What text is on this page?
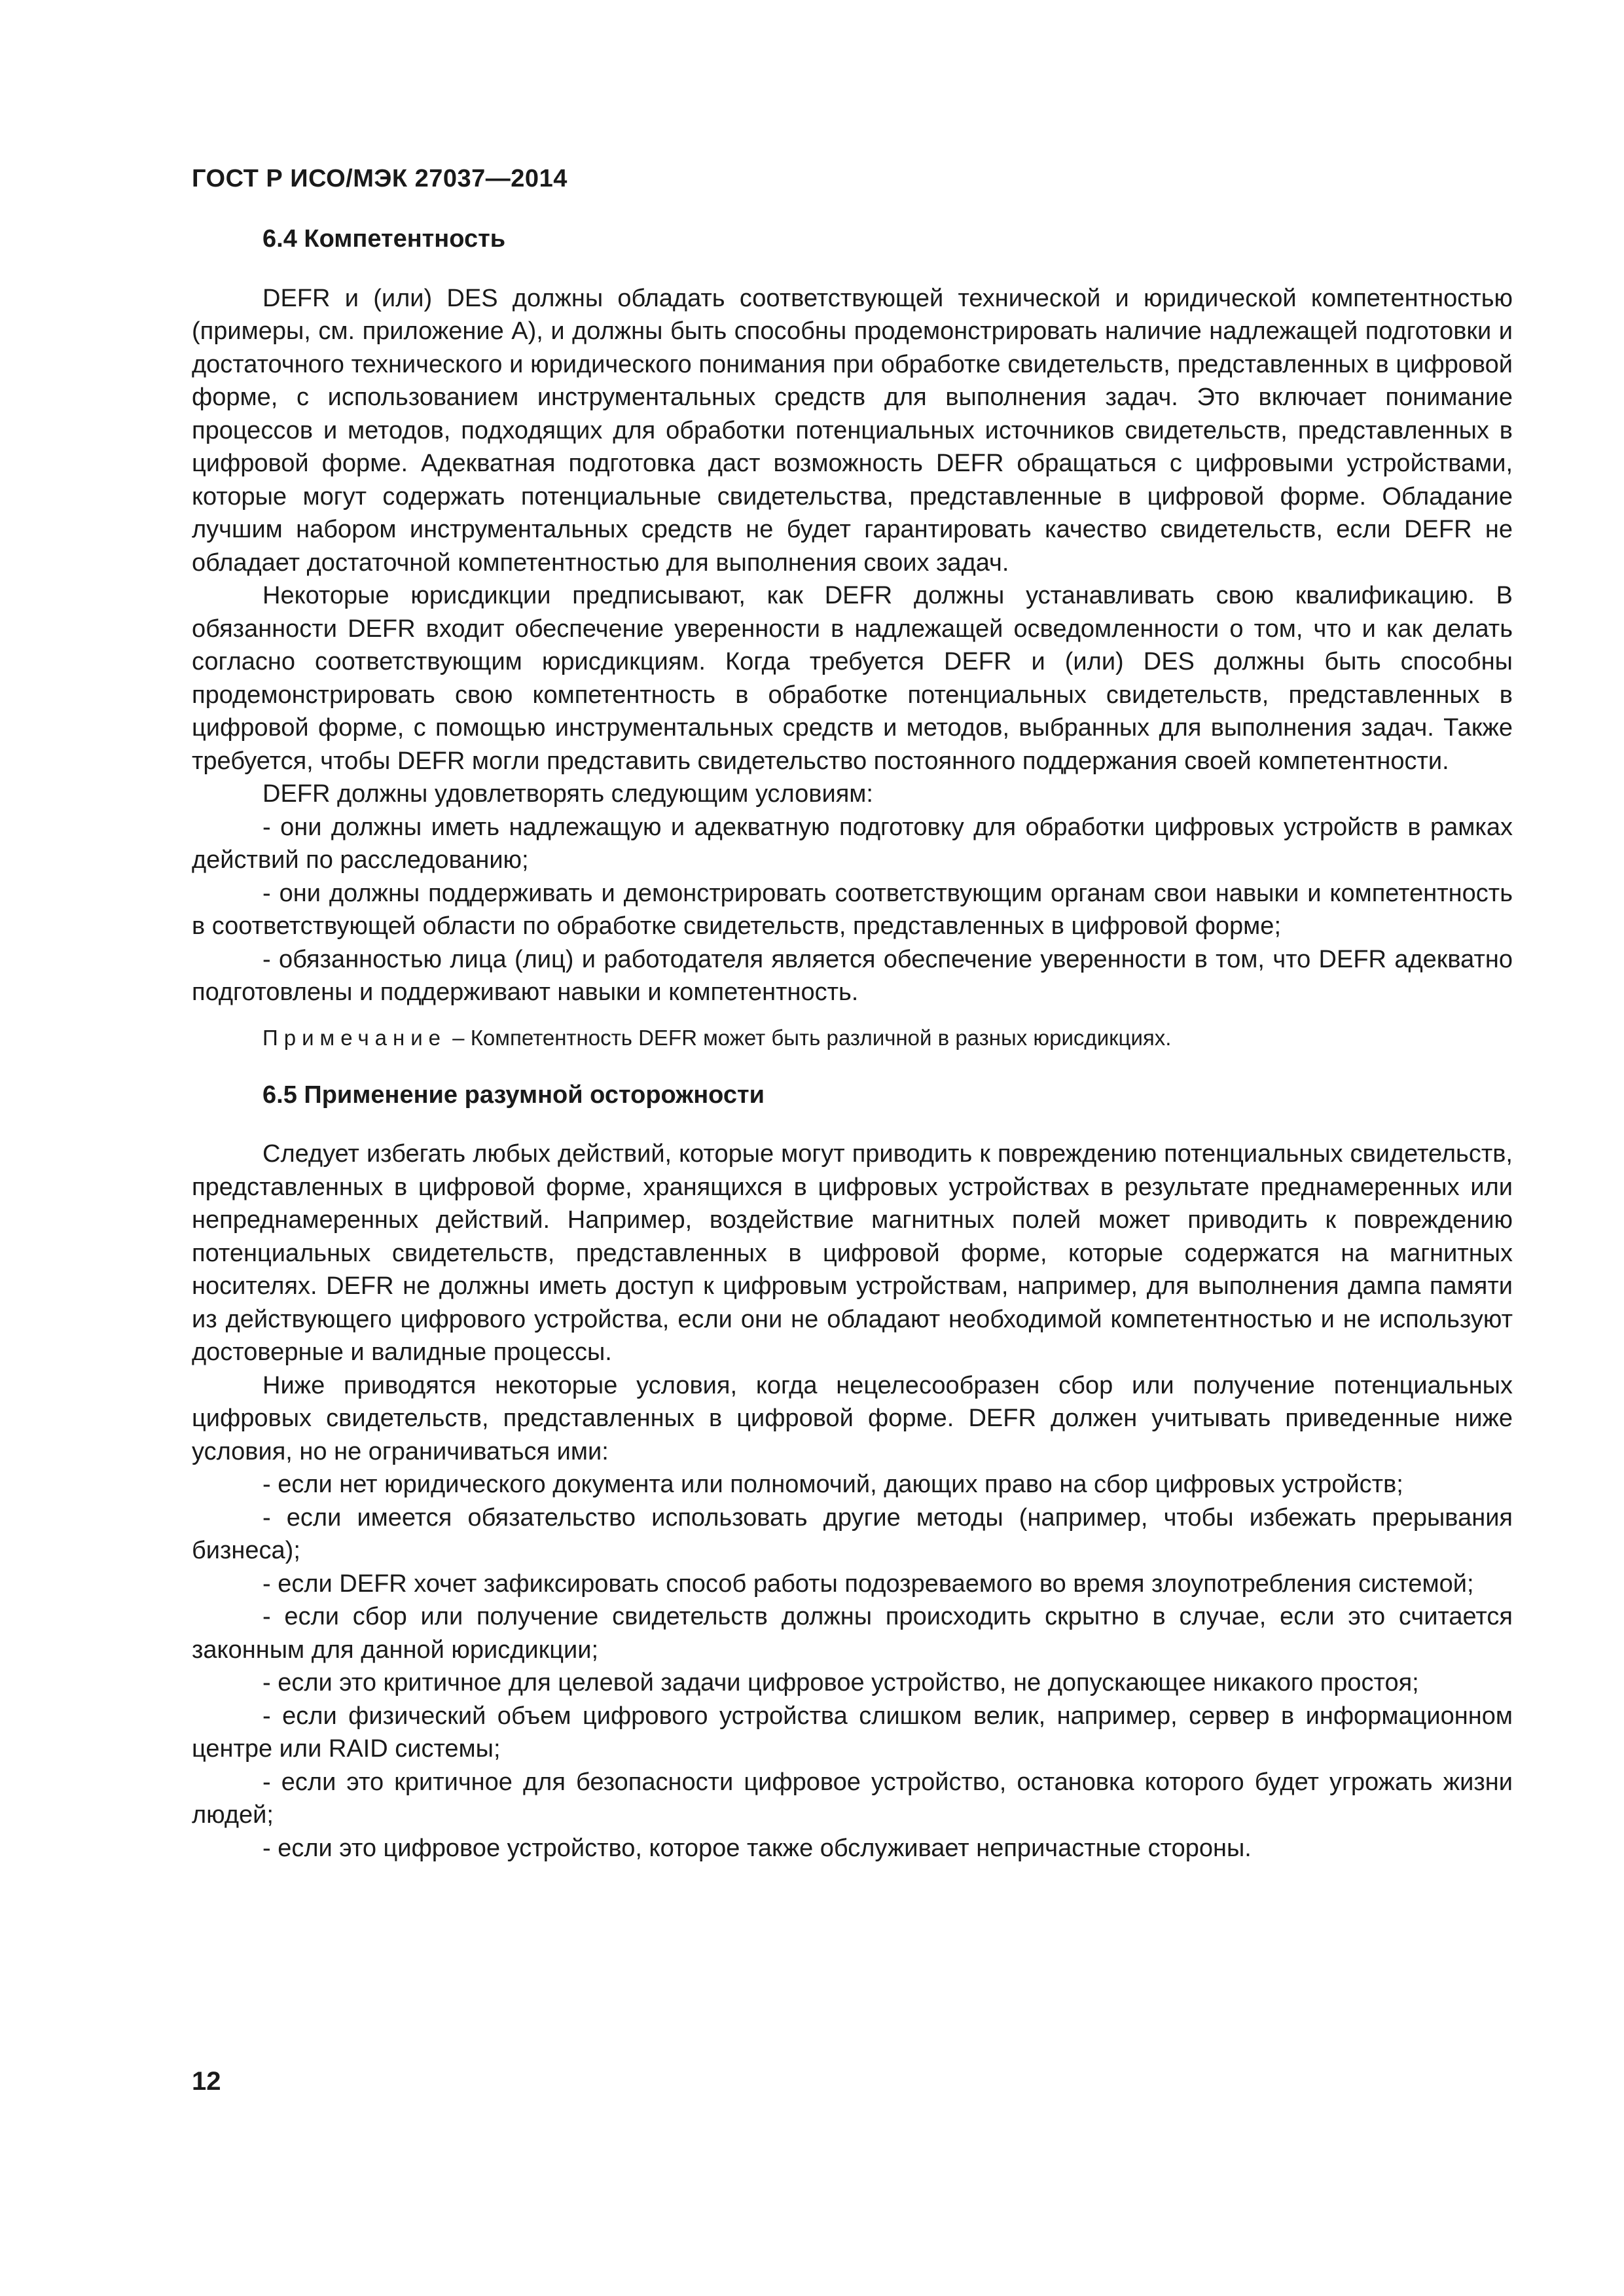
ГОСТ Р ИСО/МЭК 27037—2014
6.4 Компетентность

DEFR и (или) DES должны обладать соответствующей технической и юридической компетентностью (примеры, см. приложение А), и должны быть способны продемонстрировать наличие надлежащей подготовки и достаточного технического и юридического понимания при обработке свидетельств, представленных в цифровой форме, с использованием инструментальных средств для выполнения задач. Это включает понимание процессов и методов, подходящих для обработки потенциальных источников свидетельств, представленных в цифровой форме. Адекватная подготовка даст возможность DEFR обращаться с цифровыми устройствами, которые могут содержать потенциальные свидетельства, представленные в цифровой форме. Обладание лучшим набором инструментальных средств не будет гарантировать качество свидетельств, если DEFR не обладает достаточной компетентностью для выполнения своих задач.

Некоторые юрисдикции предписывают, как DEFR должны устанавливать свою квалификацию. В обязанности DEFR входит обеспечение уверенности в надлежащей осведомленности о том, что и как делать согласно соответствующим юрисдикциям. Когда требуется DEFR и (или) DES должны быть способны продемонстрировать свою компетентность в обработке потенциальных свидетельств, представленных в цифровой форме, с помощью инструментальных средств и методов, выбранных для выполнения задач. Также требуется, чтобы DEFR могли представить свидетельство постоянного поддержания своей компетентности.

DEFR должны удовлетворять следующим условиям:

- они должны иметь надлежащую и адекватную подготовку для обработки цифровых устройств в рамках действий по расследованию;

- они должны поддерживать и демонстрировать соответствующим органам свои навыки и компетентность в соответствующей области по обработке свидетельств, представленных в цифровой форме;

- обязанностью лица (лиц) и работодателя является обеспечение уверенности в том, что DEFR адекватно подготовлены и поддерживают навыки и компетентность.

Примечание – Компетентность DEFR может быть различной в разных юрисдикциях.
6.5 Применение разумной осторожности

Следует избегать любых действий, которые могут приводить к повреждению потенциальных свидетельств, представленных в цифровой форме, хранящихся в цифровых устройствах в результате преднамеренных или непреднамеренных действий. Например, воздействие магнитных полей может приводить к повреждению потенциальных свидетельств, представленных в цифровой форме, которые содержатся на магнитных носителях. DEFR не должны иметь доступ к цифровым устройствам, например, для выполнения дампа памяти из действующего цифрового устройства, если они не обладают необходимой компетентностью и не используют достоверные и валидные процессы.

Ниже приводятся некоторые условия, когда нецелесообразен сбор или получение потенциальных цифровых свидетельств, представленных в цифровой форме. DEFR должен учитывать приведенные ниже условия, но не ограничиваться ими:

- если нет юридического документа или полномочий, дающих право на сбор цифровых устройств;

- если имеется обязательство использовать другие методы (например, чтобы избежать прерывания бизнеса);

- если DEFR хочет зафиксировать способ работы подозреваемого во время злоупотребления системой;

- если сбор или получение свидетельств должны происходить скрытно в случае, если это считается законным для данной юрисдикции;

- если это критичное для целевой задачи цифровое устройство, не допускающее никакого простоя;

- если физический объем цифрового устройства слишком велик, например, сервер в информационном центре или RAID системы;

- если это критичное для безопасности цифровое устройство, остановка которого будет угрожать жизни людей;

- если это цифровое устройство, которое также обслуживает непричастные стороны.

12
